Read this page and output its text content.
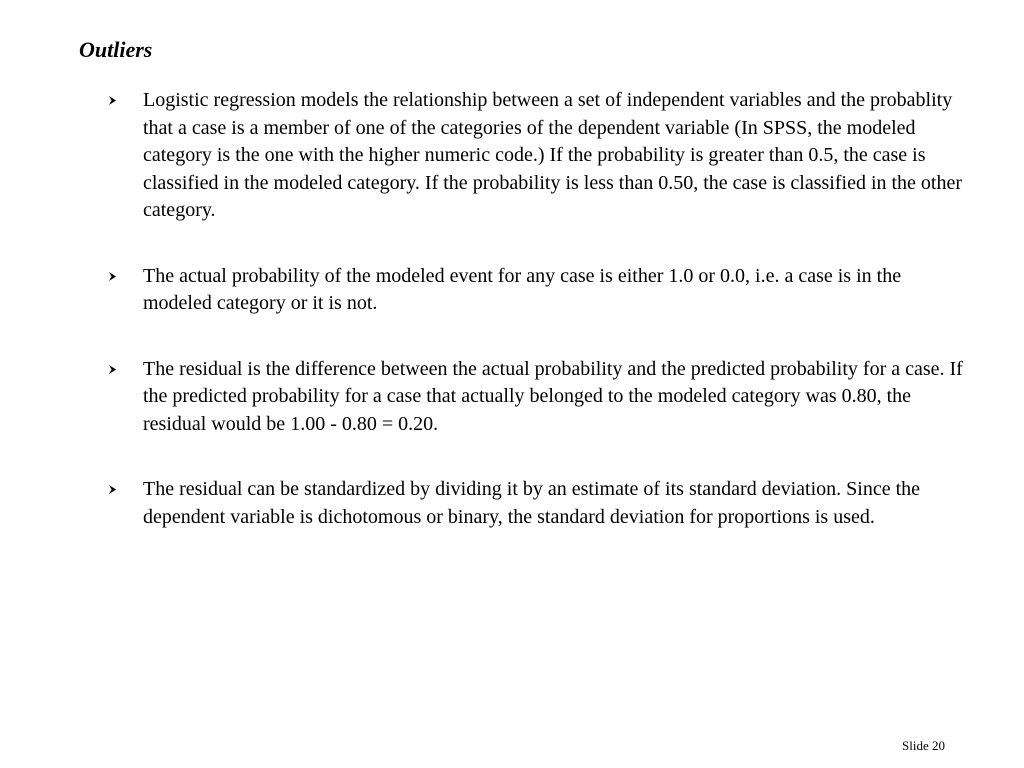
Outliers
Logistic regression models the relationship between a set of independent variables and the probablity that a case is a member of one of the categories of the dependent variable (In SPSS, the modeled category is the one with the higher numeric code.) If the probability is greater than 0.5, the case is classified in the modeled category. If the probability is less than 0.50, the case is classified in the other category.
The actual probability of the modeled event for any case is either 1.0 or 0.0, i.e. a case is in the modeled category or it is not.
The residual is the difference between the actual probability and the predicted probability for a case. If the predicted probability for a case that actually belonged to the modeled category was 0.80, the residual would be 1.00 ‑ 0.80 = 0.20.
The residual can be standardized by dividing it by an estimate of its standard deviation. Since the dependent variable is dichotomous or binary, the standard deviation for proportions is used.
Slide 20
